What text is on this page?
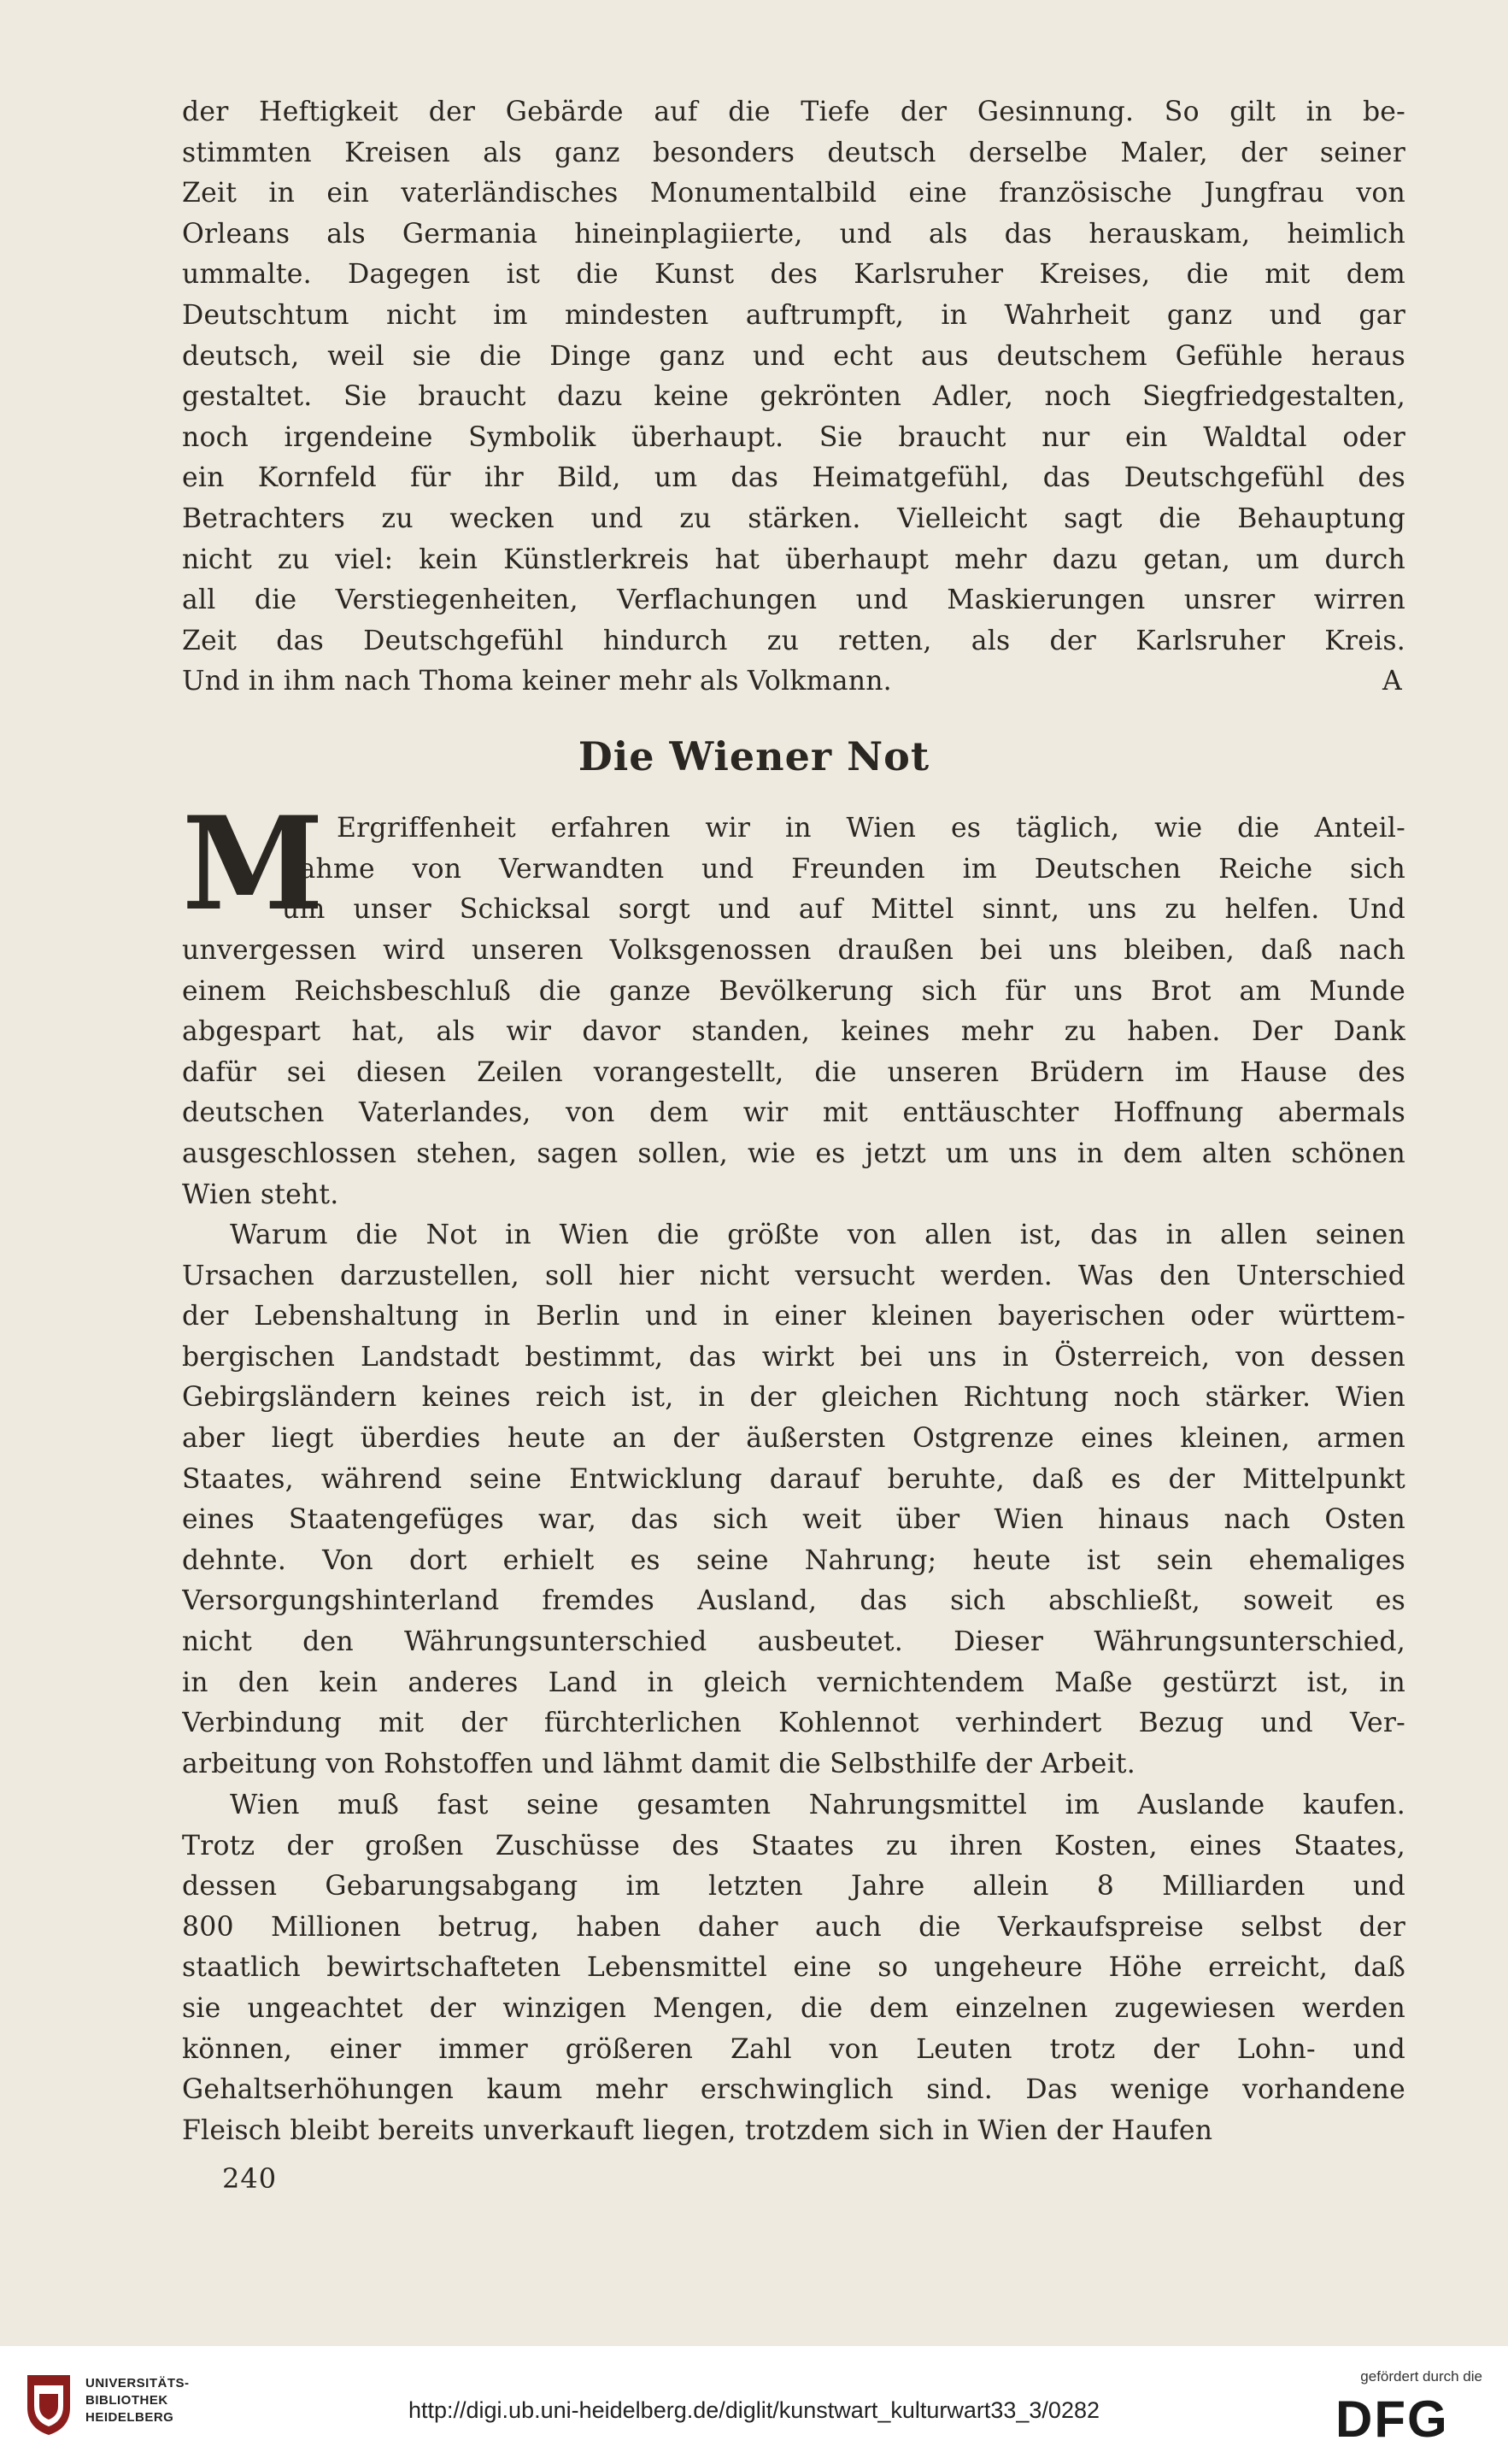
der Heftigkeit der Gebärde auf die Tiefe der Gesinnung. So gilt in be-
stimmten Kreisen als ganz besonders deutsch derselbe Maler, der seiner
Zeit in ein vaterländisches Monumentalbild eine französische Jungfrau von
Orleans als Germania hineinplagiierte, und als das herauskam, heimlich
ummalte. Dagegen ist die Kunst des Karlsruher Kreises, die mit dem
Deutschtum nicht im mindesten auftrumpft, in Wahrheit ganz und gar
deutsch, weil sie die Dinge ganz und echt aus deutschem Gefühle heraus
gestaltet. Sie braucht dazu keine gekrönten Adler, noch Siegfriedgestalten,
noch irgendeine Symbolik überhaupt. Sie braucht nur ein Waldtal oder
ein Kornfeld für ihr Bild, um das Heimatgefühl, das Deutschgefühl des
Betrachters zu wecken und zu stärken. Vielleicht sagt die Behauptung
nicht zu viel: kein Künstlerkreis hat überhaupt mehr dazu getan, um durch
all die Verstiegenheiten, Verflachungen und Maskierungen unsrer wirren
Zeit das Deutschgefühl hindurch zu retten, als der Karlsruher Kreis.
Und in ihm nach Thoma keiner mehr als Volkmann.	A
Die Wiener Not
M
it Ergriffenheit erfahren wir in Wien es täglich, wie die Anteil-
nahme von Verwandten und Freunden im Deutschen Reiche sich
um unser Schicksal sorgt und auf Mittel sinnt, uns zu helfen. Und
unvergessen wird unseren Volksgenossen draußen bei uns bleiben, daß nach
einem Reichsbeschluß die ganze Bevölkerung sich für uns Brot am Munde
abgespart hat, als wir davor standen, keines mehr zu haben. Der Dank
dafür sei diesen Zeilen vorangestellt, die unseren Brüdern im Hause des
deutschen Vaterlandes, von dem wir mit enttäuschter Hoffnung abermals
ausgeschlossen stehen, sagen sollen, wie es jetzt um uns in dem alten schönen
Wien steht.
Warum die Not in Wien die größte von allen ist, das in allen seinen
Ursachen darzustellen, soll hier nicht versucht werden. Was den Unterschied
der Lebenshaltung in Berlin und in einer kleinen bayerischen oder württem-
bergischen Landstadt bestimmt, das wirkt bei uns in Österreich, von dessen
Gebirgsländern keines reich ist, in der gleichen Richtung noch stärker. Wien
aber liegt überdies heute an der äußersten Ostgrenze eines kleinen, armen
Staates, während seine Entwicklung darauf beruhte, daß es der Mittelpunkt
eines Staatengefüges war, das sich weit über Wien hinaus nach Osten
dehnte. Von dort erhielt es seine Nahrung; heute ist sein ehemaliges
Versorgungshinterland fremdes Ausland, das sich abschließt, soweit es
nicht den Währungsunterschied ausbeutet. Dieser Währungsunterschied,
in den kein anderes Land in gleich vernichtendem Maße gestürzt ist, in
Verbindung mit der fürchterlichen Kohlennot verhindert Bezug und Ver-
arbeitung von Rohstoffen und lähmt damit die Selbsthilfe der Arbeit.
Wien muß fast seine gesamten Nahrungsmittel im Auslande kaufen.
Trotz der großen Zuschüsse des Staates zu ihren Kosten, eines Staates,
dessen Gebarungsabgang im letzten Jahre allein 8 Milliarden und
800 Millionen betrug, haben daher auch die Verkaufspreise selbst der
staatlich bewirtschafteten Lebensmittel eine so ungeheure Höhe erreicht, daß
sie ungeachtet der winzigen Mengen, die dem einzelnen zugewiesen werden
können, einer immer größeren Zahl von Leuten trotz der Lohn- und
Gehaltserhöhungen kaum mehr erschwinglich sind. Das wenige vorhandene
Fleisch bleibt bereits unverkauft liegen, trotzdem sich in Wien der Haufen
240
UNIVERSITÄTS-
BIBLIOTHEK
HEIDELBERG	http://digi.ub.uni-heidelberg.de/diglit/kunstwart_kulturwart33_3/0282
gefördert durch die
DFG
